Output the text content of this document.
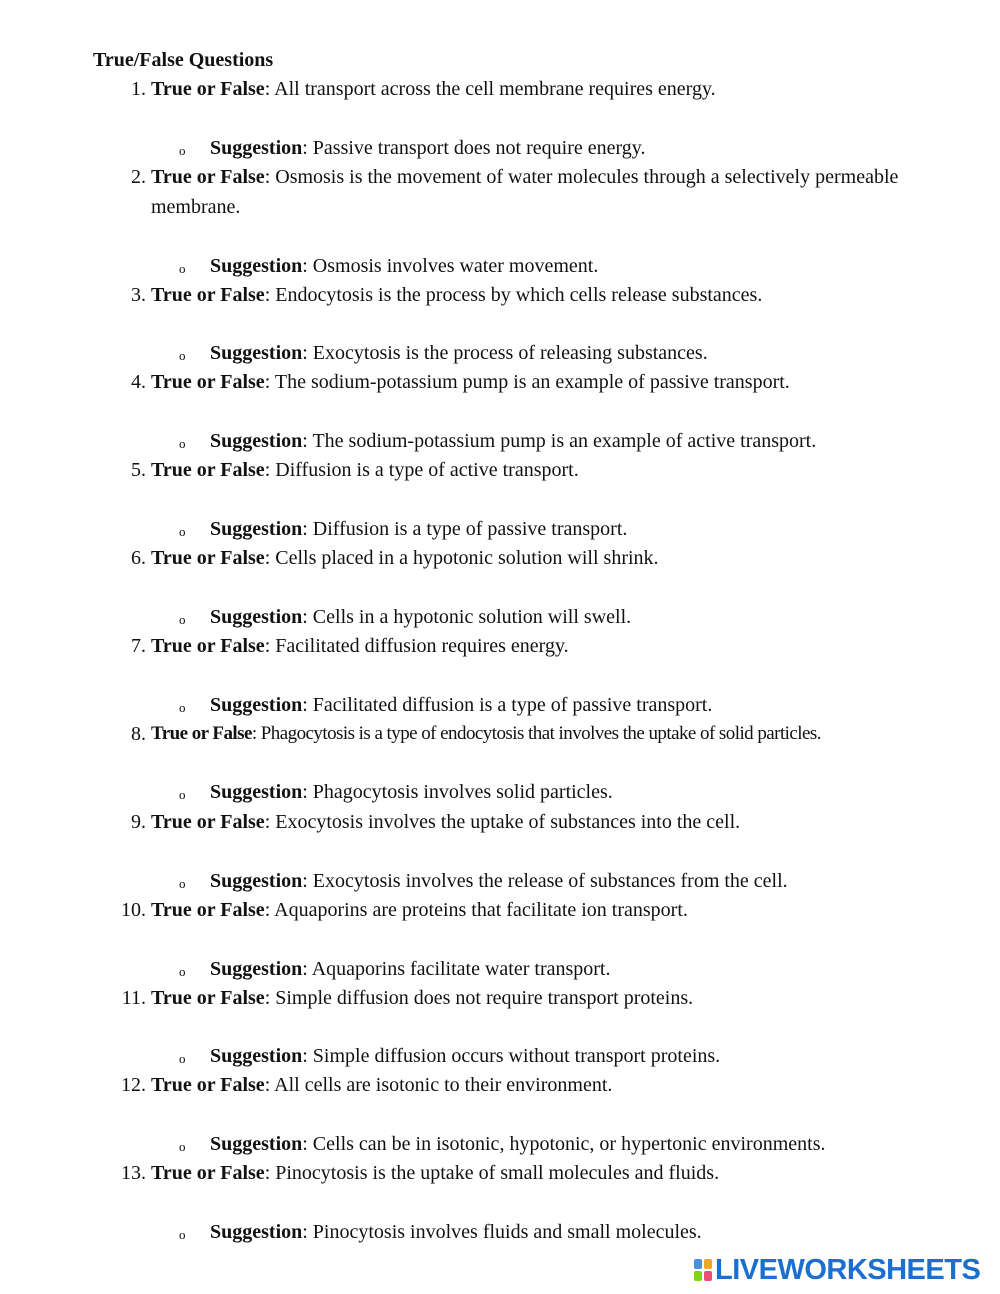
True/False Questions
1. True or False: All transport across the cell membrane requires energy.
o Suggestion: Passive transport does not require energy.
2. True or False: Osmosis is the movement of water molecules through a selectively permeable membrane.
o Suggestion: Osmosis involves water movement.
3. True or False: Endocytosis is the process by which cells release substances.
o Suggestion: Exocytosis is the process of releasing substances.
4. True or False: The sodium-potassium pump is an example of passive transport.
o Suggestion: The sodium-potassium pump is an example of active transport.
5. True or False: Diffusion is a type of active transport.
o Suggestion: Diffusion is a type of passive transport.
6. True or False: Cells placed in a hypotonic solution will shrink.
o Suggestion: Cells in a hypotonic solution will swell.
7. True or False: Facilitated diffusion requires energy.
o Suggestion: Facilitated diffusion is a type of passive transport.
8. True or False: Phagocytosis is a type of endocytosis that involves the uptake of solid particles.
o Suggestion: Phagocytosis involves solid particles.
9. True or False: Exocytosis involves the uptake of substances into the cell.
o Suggestion: Exocytosis involves the release of substances from the cell.
10. True or False: Aquaporins are proteins that facilitate ion transport.
o Suggestion: Aquaporins facilitate water transport.
11. True or False: Simple diffusion does not require transport proteins.
o Suggestion: Simple diffusion occurs without transport proteins.
12. True or False: All cells are isotonic to their environment.
o Suggestion: Cells can be in isotonic, hypotonic, or hypertonic environments.
13. True or False: Pinocytosis is the uptake of small molecules and fluids.
o Suggestion: Pinocytosis involves fluids and small molecules.
LIVEWORKSHEETS
